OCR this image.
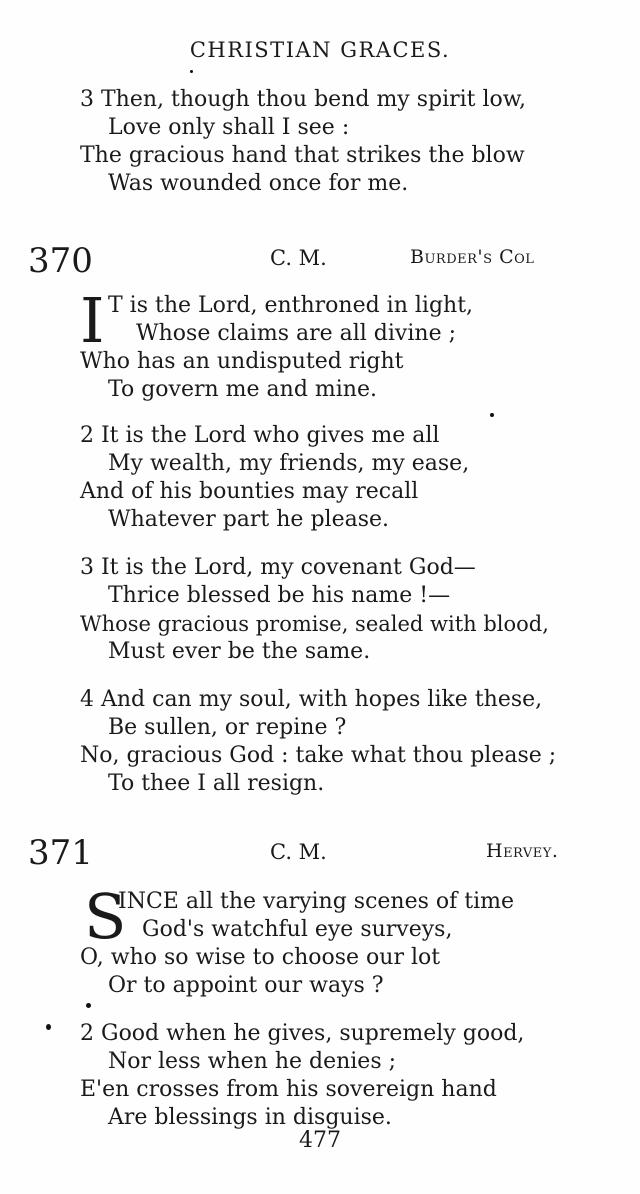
CHRISTIAN GRACES.
3 Then, though thou bend my spirit low,
Love only shall I see :
The gracious hand that strikes the blow
Was wounded once for me.
370	C. M.	Burder's Col
I T is the Lord, enthroned in light,
Whose claims are all divine ;
Who has an undisputed right
To govern me and mine.
2 It is the Lord who gives me all
My wealth, my friends, my ease,
And of his bounties may recall
Whatever part he please.
3 It is the Lord, my covenant God—
Thrice blessed be his name !—
Whose gracious promise, sealed with blood,
Must ever be the same.
4 And can my soul, with hopes like these,
Be sullen, or repine ?
No, gracious God : take what thou please ;
To thee I all resign.
371	C. M.	Hervey.
S
INCE all the varying scenes of time
God's watchful eye surveys,
O, who so wise to choose our lot
Or to appoint our ways ?
2 Good when he gives, supremely good,
Nor less when he denies ;
E'en crosses from his sovereign hand
Are blessings in disguise.
477
